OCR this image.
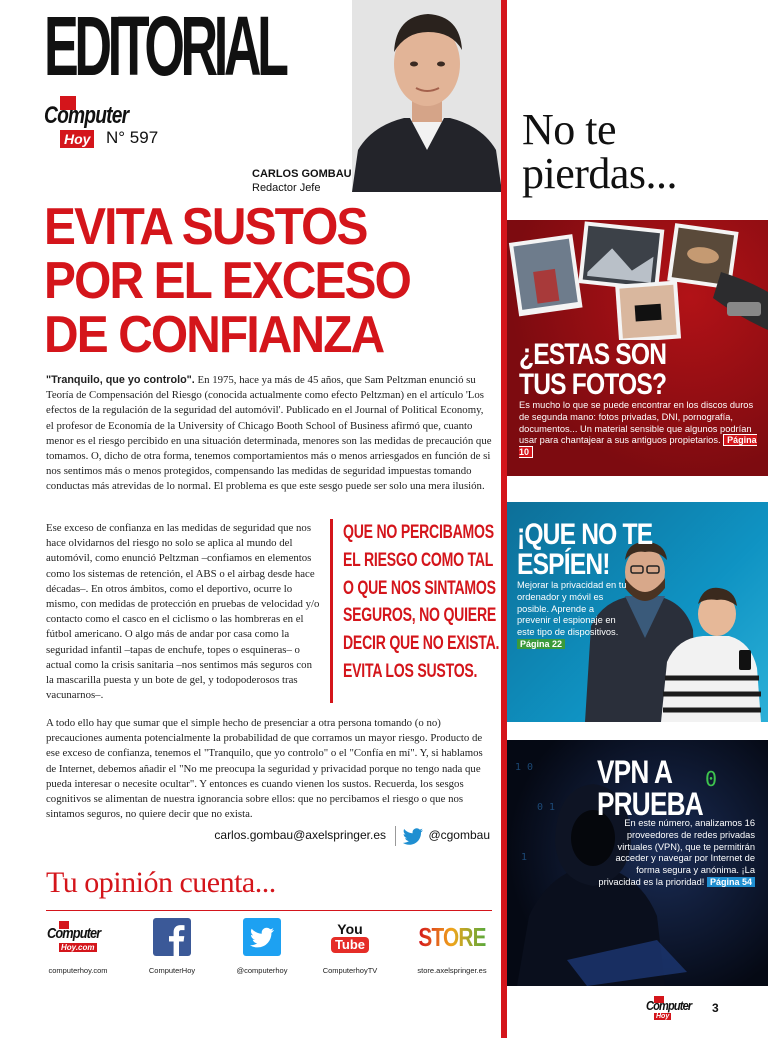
EDITORIAL
Computer
Hoy N° 597
CARLOS GOMBAU
Redactor Jefe
EVITA SUSTOS
POR EL EXCESO
DE CONFIANZA

"Tranquilo, que yo controlo". En 1975, hace ya más de 45 años, que Sam Peltzman enunció su Teoría de Compensación del Riesgo (conocida actualmente como efecto Peltzman) en el artículo 'Los efectos de la regulación de la seguridad del automóvil'. Publicado en el Journal of Political Economy, el profesor de Economía de la University of Chicago Booth School of Business afirmó que, cuanto menor es el riesgo percibido en una situación determinada, menores son las medidas de precaución que tomamos. O, dicho de otra forma, tenemos comportamientos más o menos arriesgados en función de si nos sentimos más o menos protegidos, compensando las medidas de seguridad impuestas tomando conductas más atrevidas de lo normal. El problema es que este sesgo puede ser solo una mera ilusión.

Ese exceso de confianza en las medidas de seguridad que nos hace olvidarnos del riesgo no solo se aplica al mundo del automóvil, como enunció Peltzman –confiamos en elementos como los sistemas de retención, el ABS o el airbag desde hace décadas–. En otros ámbitos, como el deportivo, ocurre lo mismo, con medidas de protección en pruebas de velocidad y/o contacto como el casco en el ciclismo o las hombreras en el fútbol americano. O algo más de andar por casa como la seguridad infantil –tapas de enchufe, topes o esquineras– o actual como la crisis sanitaria –nos sentimos más seguros con la mascarilla puesta y un bote de gel, y todopoderosos tras vacunarnos–.

QUE NO PERCIBAMOS
EL RIESGO COMO TAL
O QUE NOS SINTAMOS
SEGUROS, NO QUIERE
DECIR QUE NO EXISTA.
EVITA LOS SUSTOS.

A todo ello hay que sumar que el simple hecho de presenciar a otra persona tomando (o no) precauciones aumenta potencialmente la probabilidad de que corramos un mayor riesgo. Producto de ese exceso de confianza, tenemos el "Tranquilo, que yo controlo" o el "Confía en mí". Y, si hablamos de Internet, debemos añadir el "No me preocupa la seguridad y privacidad porque no tengo nada que pueda interesar o necesite ocultar". Y entonces es cuando vienen los sustos. Recuerda, los sesgos cognitivos se alimentan de nuestra ignorancia sobre ellos: que no percibamos el riesgo o que nos sintamos seguros, no quiere decir que no exista.

carlos.gombau@axelspringer.es	@cgombau
Tu opinión cuenta...
Computer
Hoy.com
computerhoy.com	ComputerHoy	@computerhoy
You
Tube
ComputerhoyTV
STORE
store.axelspringer.es
No te
pierdas...
¿ESTAS SON
TUS FOTOS?
Es mucho lo que se puede encontrar en los discos duros de segunda mano: fotos privadas, DNI, pornografía, documentos... Un material sensible que algunos podrían usar para chantajear a sus antiguos propietarios. Página 10
¡QUE NO TE
ESPÍEN!
Mejorar la privacidad en tu ordenador y móvil es posible. Aprende a prevenir el espionaje en este tipo de dispositivos. Página 22
1 0
0 1
1
0
VPN A
PRUEBA
En este número, analizamos 16 proveedores de redes privadas virtuales (VPN), que te permitirán acceder y navegar por Internet de forma segura y anónima. ¡La privacidad es la prioridad! Página 54
Computer
Hoy
3
